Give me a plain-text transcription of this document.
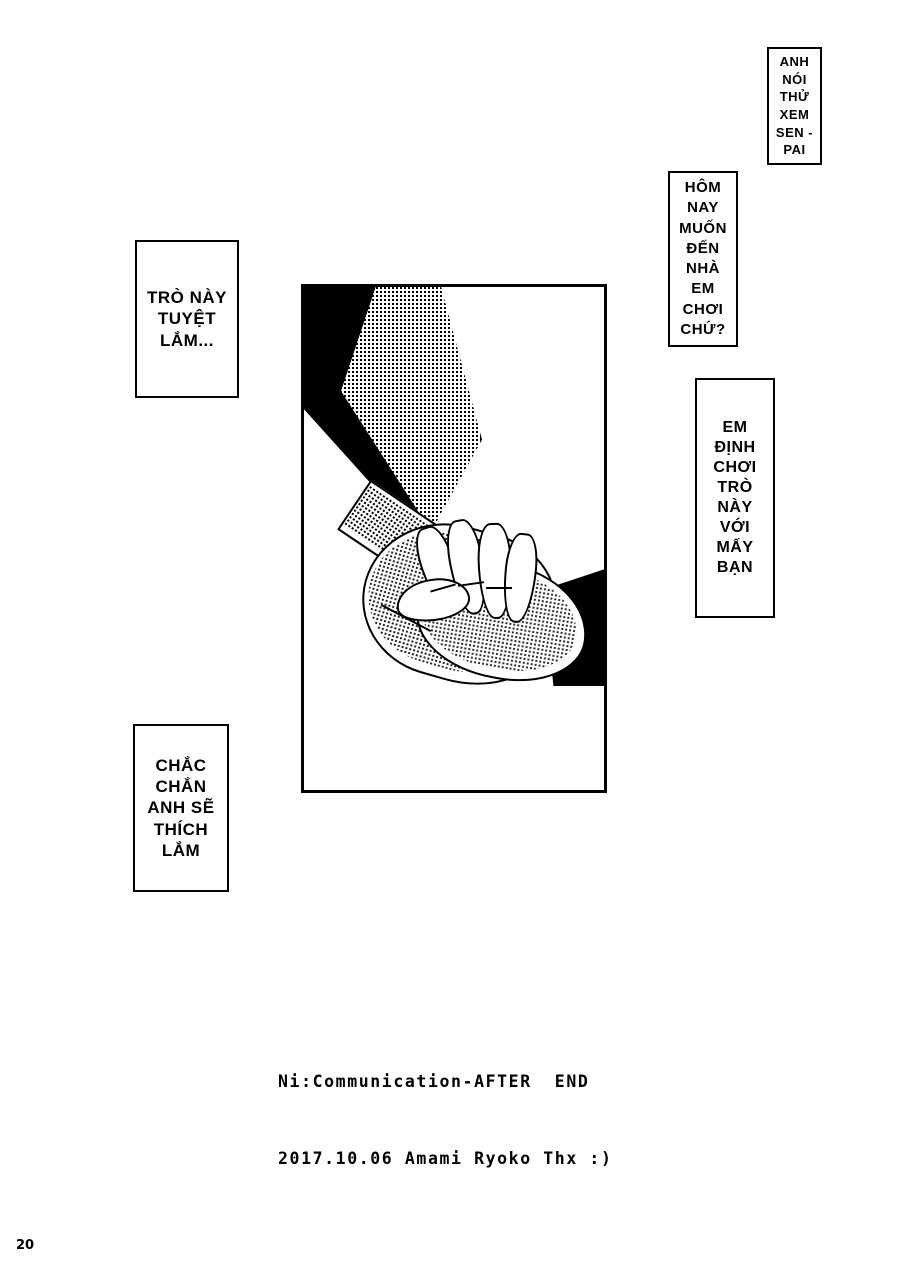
TRÒ NÀY TUYỆT LẮM...
CHẮC CHẮN ANH SẼ THÍCH LẮM
ANH NÓI THỬ XEM SEN -PAI
HÔM NAY MUỐN ĐẾN NHÀ EM CHƠI CHỨ?
EM ĐỊNH CHƠI TRÒ NÀY VỚI MẤY BẠN

Ni:Communication-AFTER  END

2017.10.06 Amami Ryoko Thx :)

20
